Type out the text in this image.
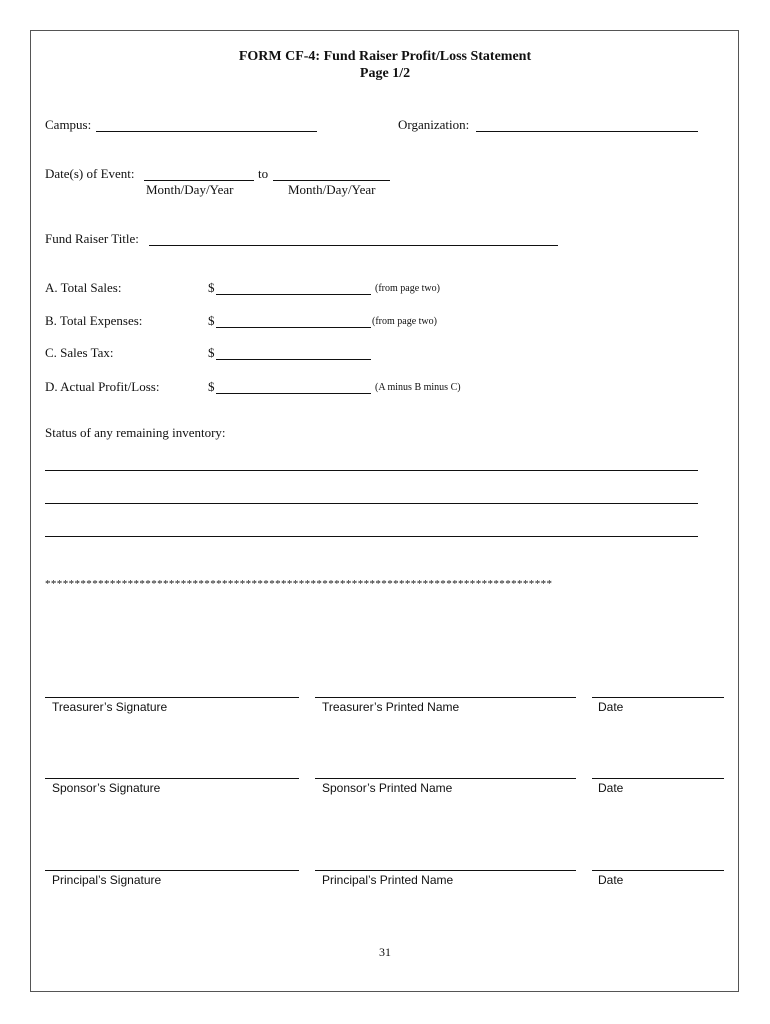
FORM CF-4: Fund Raiser Profit/Loss Statement
Page 1/2
Campus:	Organization:
Date(s) of Event:	to
Month/Day/Year	Month/Day/Year
Fund Raiser Title:
A. Total Sales:	$	(from page two)
B. Total Expenses:	$	(from page two)
C. Sales Tax:	$
D. Actual Profit/Loss:	$	(A minus B minus C)
Status of any remaining inventory:
**************************************************************************************
Treasurer’s Signature	Treasurer’s Printed Name	Date
Sponsor’s Signature	Sponsor’s Printed Name	Date
Principal’s Signature	Principal’s Printed Name	Date
31
